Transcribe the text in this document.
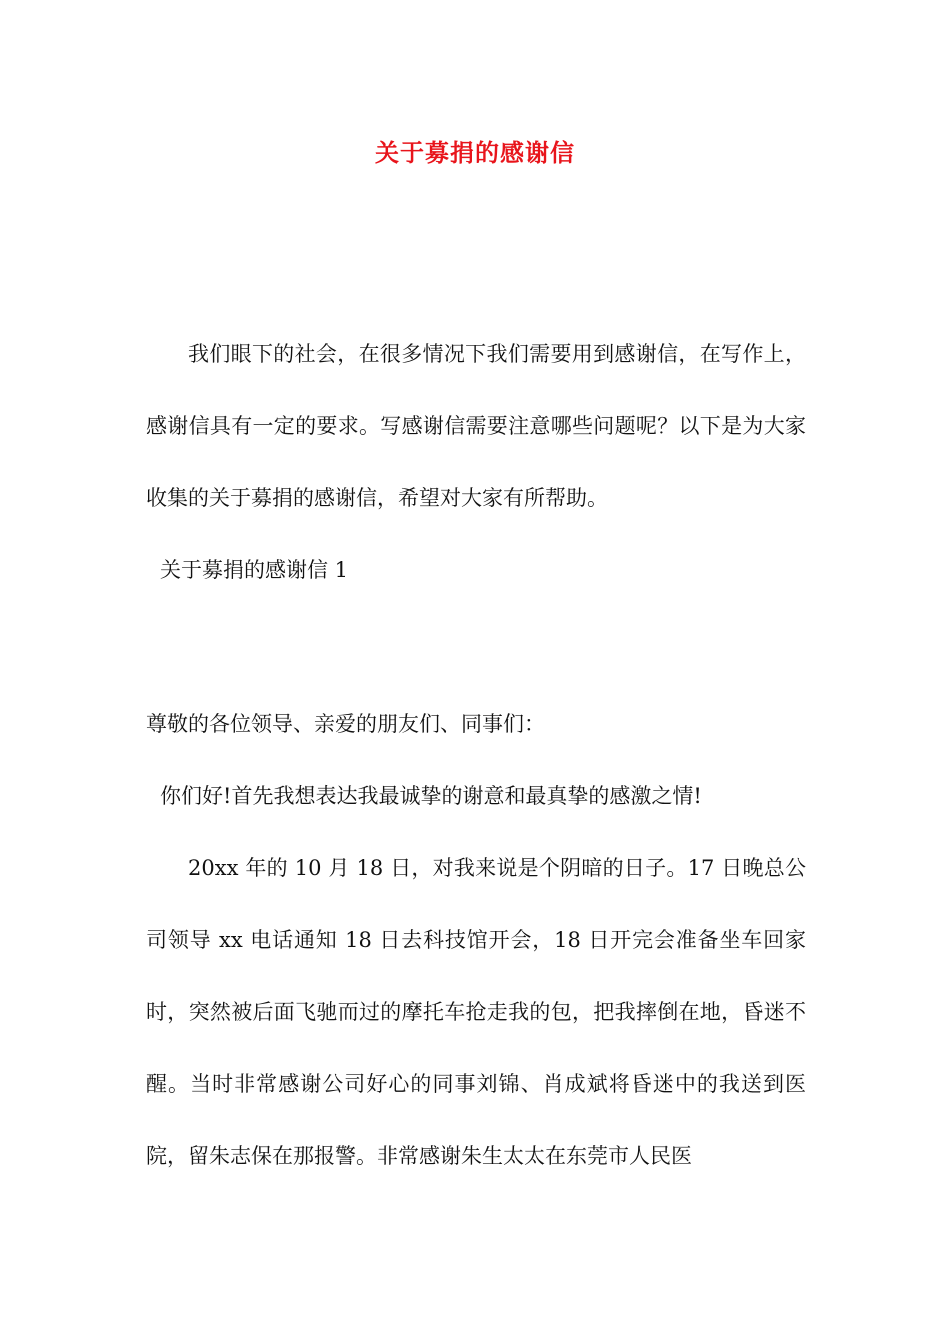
关于募捐的感谢信

我们眼下的社会，在很多情况下我们需要用到感谢信，在写作上，感谢信具有一定的要求。写感谢信需要注意哪些问题呢？以下是为大家收集的关于募捐的感谢信，希望对大家有所帮助。

关于募捐的感谢信 1

尊敬的各位领导、亲爱的朋友们、同事们：

你们好!首先我想表达我最诚挚的谢意和最真挚的感激之情!

20xx 年的 10 月 18 日，对我来说是个阴暗的日子。17 日晚总公司领导 xx 电话通知 18 日去科技馆开会，18 日开完会准备坐车回家时，突然被后面飞驰而过的摩托车抢走我的包，把我摔倒在地，昏迷不醒。当时非常感谢公司好心的同事刘锦、肖成斌将昏迷中的我送到医院，留朱志保在那报警。非常感谢朱生太太在东莞市人民医
